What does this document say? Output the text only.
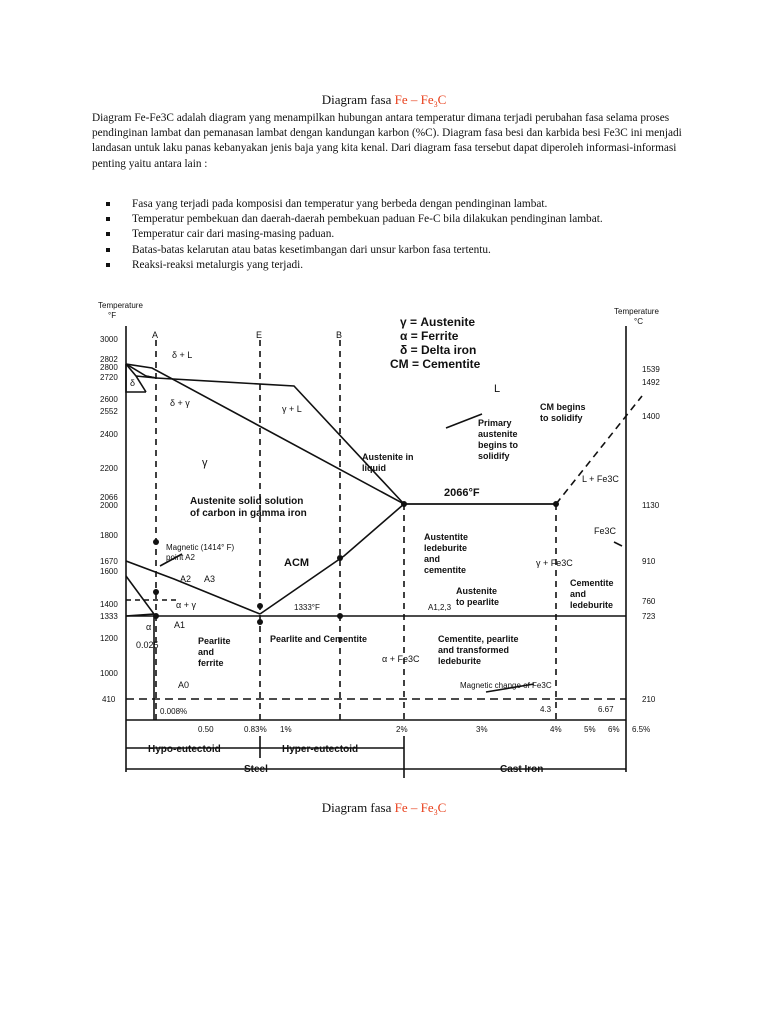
Diagram fasa Fe – $Fe_3C$

Diagram Fe-Fe3C adalah diagram yang menampilkan hubungan antara temperatur dimana terjadi perubahan fasa selama proses pendinginan lambat dan pemanasan lambat dengan kandungan karbon (%C). Diagram fasa besi dan karbida besi Fe3C ini menjadi landasan untuk laku panas kebanyakan jenis baja yang kita kenal. Dari diagram fasa tersebut dapat diperoleh informasi-informasi penting yaitu antara lain :

Fasa yang terjadi pada komposisi dan temperatur yang berbeda dengan pendinginan lambat.
Temperatur pembekuan dan daerah-daerah pembekuan paduan Fe-C bila dilakukan pendinginan lambat.
Temperatur cair dari masing-masing paduan.
Batas-batas kelarutan atau batas kesetimbangan dari unsur karbon fasa tertentu.
Reaksi-reaksi metalurgis yang terjadi.
Temperature
°F	Temperature
°C
3000
2802
2800
2720
2600
2552
2400
2200
2066
2000
1800
1670
1600
1400
1333
1200
1000
410
1539
1492
1400
1130
910
760
723
210
0.50	0.83% 1%	2%	3%	4%	5% 6%
6.67
6.5%
4.3
A	E	B
γ = Austenite
α = Ferrite
δ = Delta iron
CM = Cementite
δ + L
δ
δ + γ
γ + L
L
γ
Primary
austenite
begins to
solidify
CM begins
to solidify
Austenite in
liquid
L + Fe3C
2066°F
Austenite solid solution
of carbon in gamma iron
Fe3C
Austentite
ledeburite
and
cementite
γ + Fe3C
Magnetic (1414° F)
point A2	ACM
A2 A3
α + γ
Austenite
to pearlite
Cementite
and
ledeburite
A1,2,3
1333°F
α	A1
0.025	Pearlite
and
ferrite
Pearlite and Cementite	Cementite, pearlite
and transformed
ledeburite
α + Fe3C
A0	Magnetic change of Fe3C
0.008%
Hypo-eutectoid	Hyper-eutectoid
Steel	Cast Iron
Diagram fasa Fe – $Fe_3C$
